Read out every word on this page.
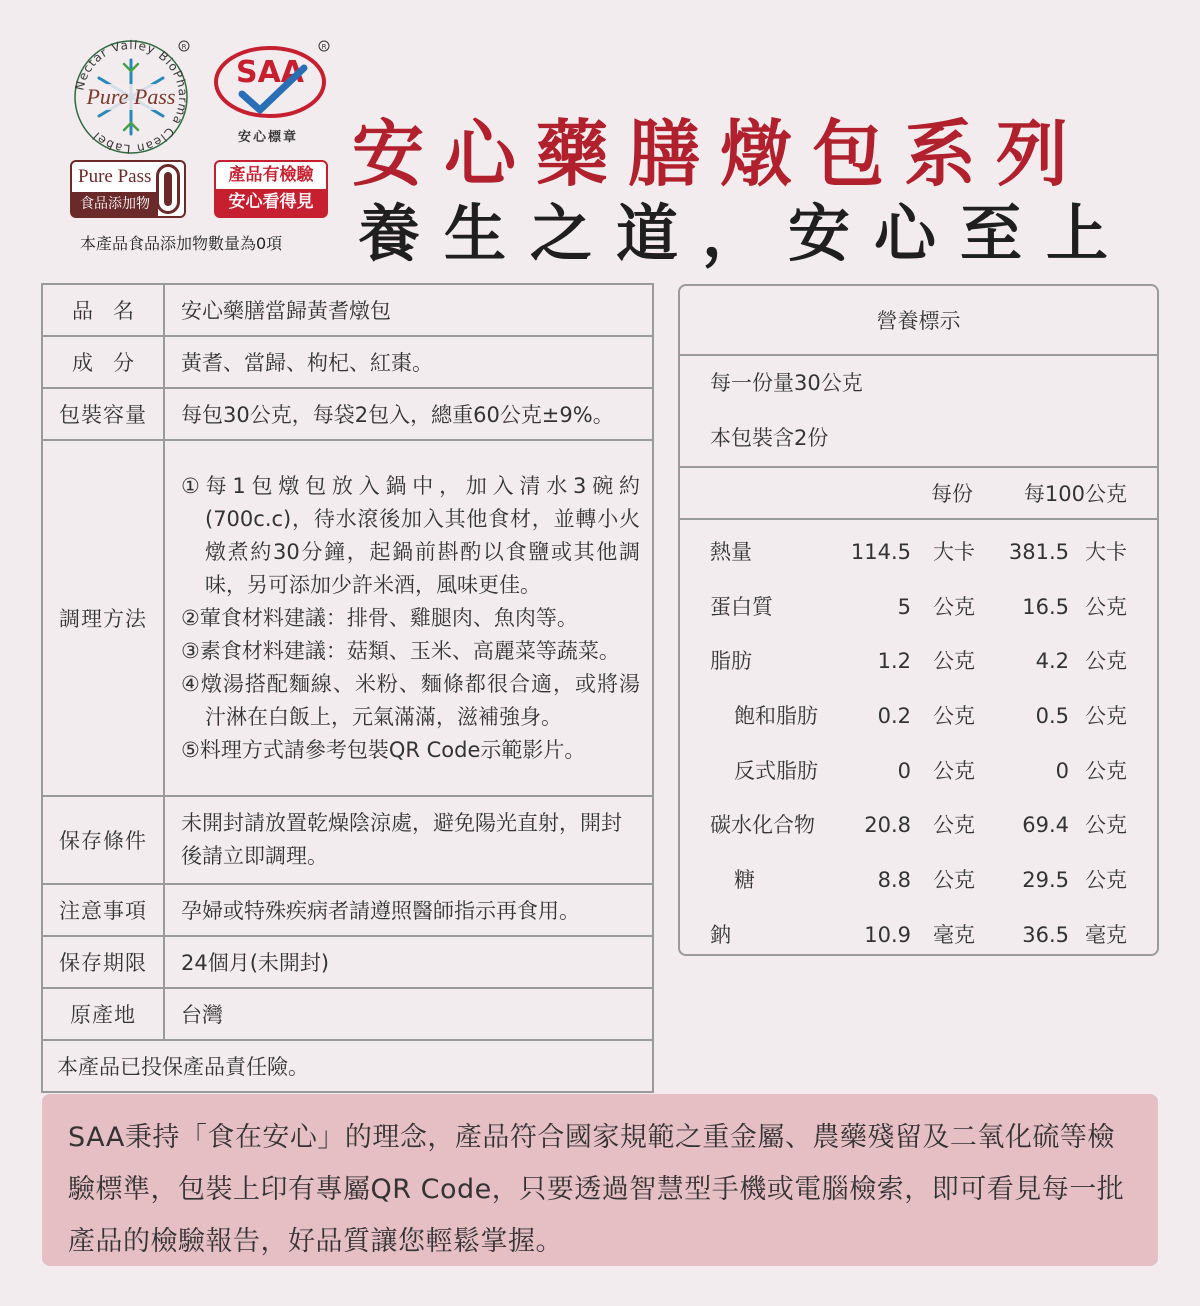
Nectar Valley BioPharma Clean Label
Pure Pass
R
SAA
R
安心標章
Pure Pass
食品添加物
產品有檢驗
安心看得見
本產品食品添加物數量為0項
安心藥膳燉包系列
養生之道，安心至上
品名	安心藥膳當歸黃耆燉包
成分	黃耆、當歸、枸杞、紅棗。
包裝容量	每包30公克，每袋2包入，總重60公克±9%。
調理方法	①每1包燉包放入鍋中，加入清水3碗約(700c.c)，待水滾後加入其他食材，並轉小火燉煮約30分鐘，起鍋前斟酌以食鹽或其他調味，另可添加少許米酒，風味更佳。
②葷食材料建議：排骨、雞腿肉、魚肉等。
③素食材料建議：菇類、玉米、高麗菜等蔬菜。
④燉湯搭配麵線、米粉、麵條都很合適，或將湯汁淋在白飯上，元氣滿滿，滋補強身。
⑤料理方式請參考包裝QR Code示範影片。

保存條件	未開封請放置乾燥陰涼處，避免陽光直射，開封後請立即調理。
注意事項	孕婦或特殊疾病者請遵照醫師指示再食用。
保存期限	24個月(未開封)
原產地	台灣
本產品已投保產品責任險。	
營養標示
每一份量30公克
本包裝含2份
每份 每100公克
熱量	114.5 大卡 381.5 大卡
蛋白質	5 公克 16.5 公克
脂肪	1.2 公克	4.2 公克
飽和脂肪	0.2 公克	0.5 公克
反式脂肪	0 公克	0 公克
碳水化合物 20.8 公克 69.4 公克
糖	8.8 公克 29.5 公克
鈉	10.9 毫克 36.5 毫克
SAA秉持「食在安心」的理念，產品符合國家規範之重金屬、農藥殘留及二氧化硫等檢驗標準，包裝上印有專屬QR Code，只要透過智慧型手機或電腦檢索，即可看見每一批產品的檢驗報告，好品質讓您輕鬆掌握。
